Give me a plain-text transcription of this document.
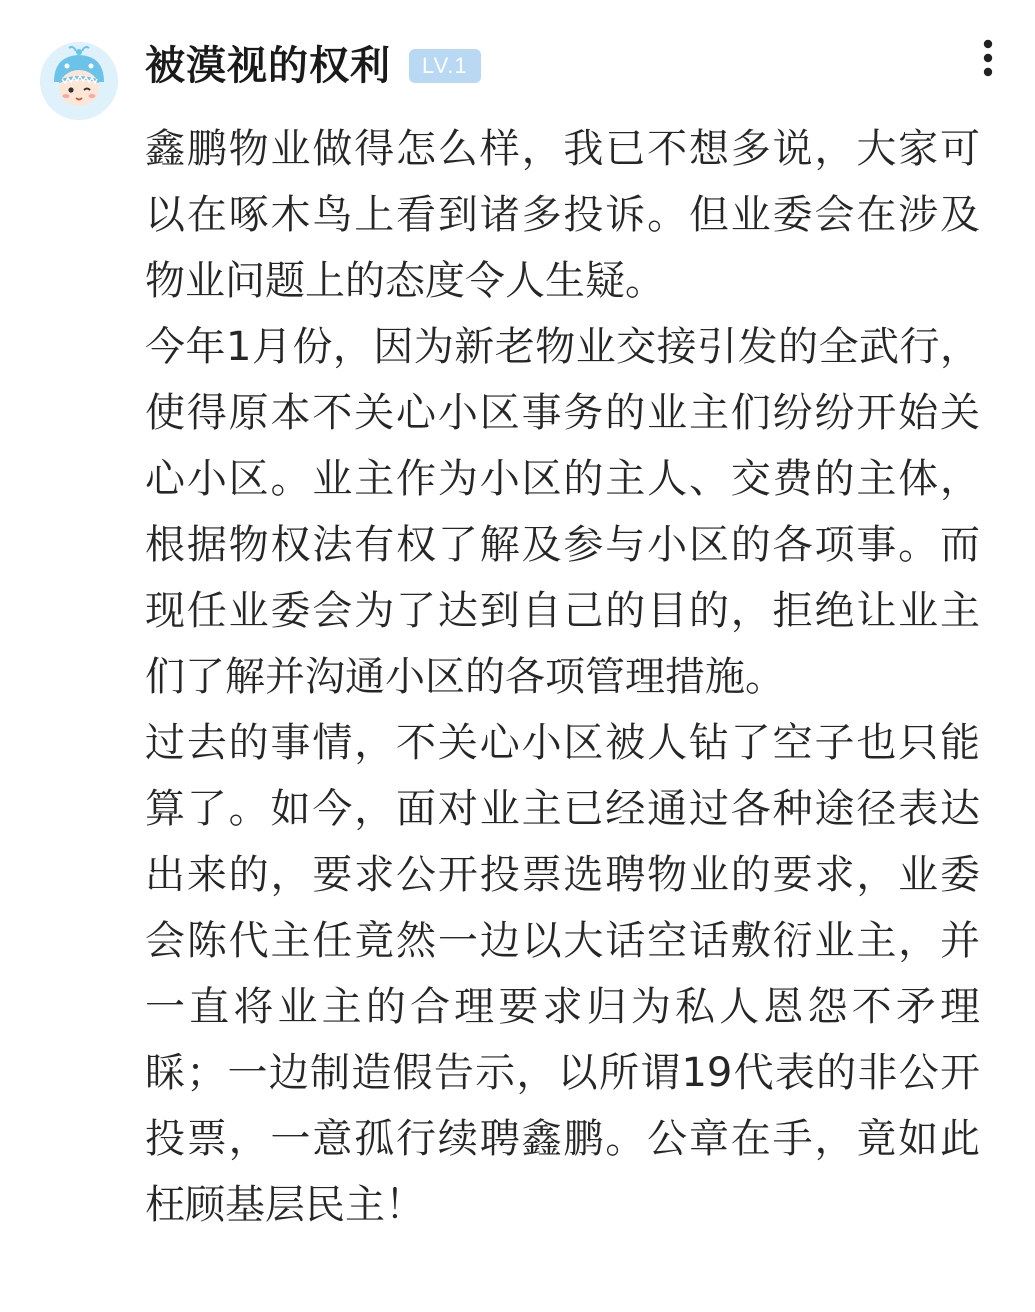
被漠视的权利	LV.1

鑫鹏物业做得怎么样，我已不想多说，大家可以在啄木鸟上看到诸多投诉。但业委会在涉及物业问题上的态度令人生疑。

今年1月份，因为新老物业交接引发的全武行，使得原本不关心小区事务的业主们纷纷开始关心小区。业主作为小区的主人、交费的主体，根据物权法有权了解及参与小区的各项事。而现任业委会为了达到自己的目的，拒绝让业主们了解并沟通小区的各项管理措施。

过去的事情，不关心小区被人钻了空子也只能算了。如今，面对业主已经通过各种途径表达出来的，要求公开投票选聘物业的要求，业委会陈代主任竟然一边以大话空话敷衍业主，并一直将业主的合理要求归为私人恩怨不矛理睬；一边制造假告示，以所谓19代表的非公开投票，一意孤行续聘鑫鹏。公章在手，竟如此枉顾基层民主！
